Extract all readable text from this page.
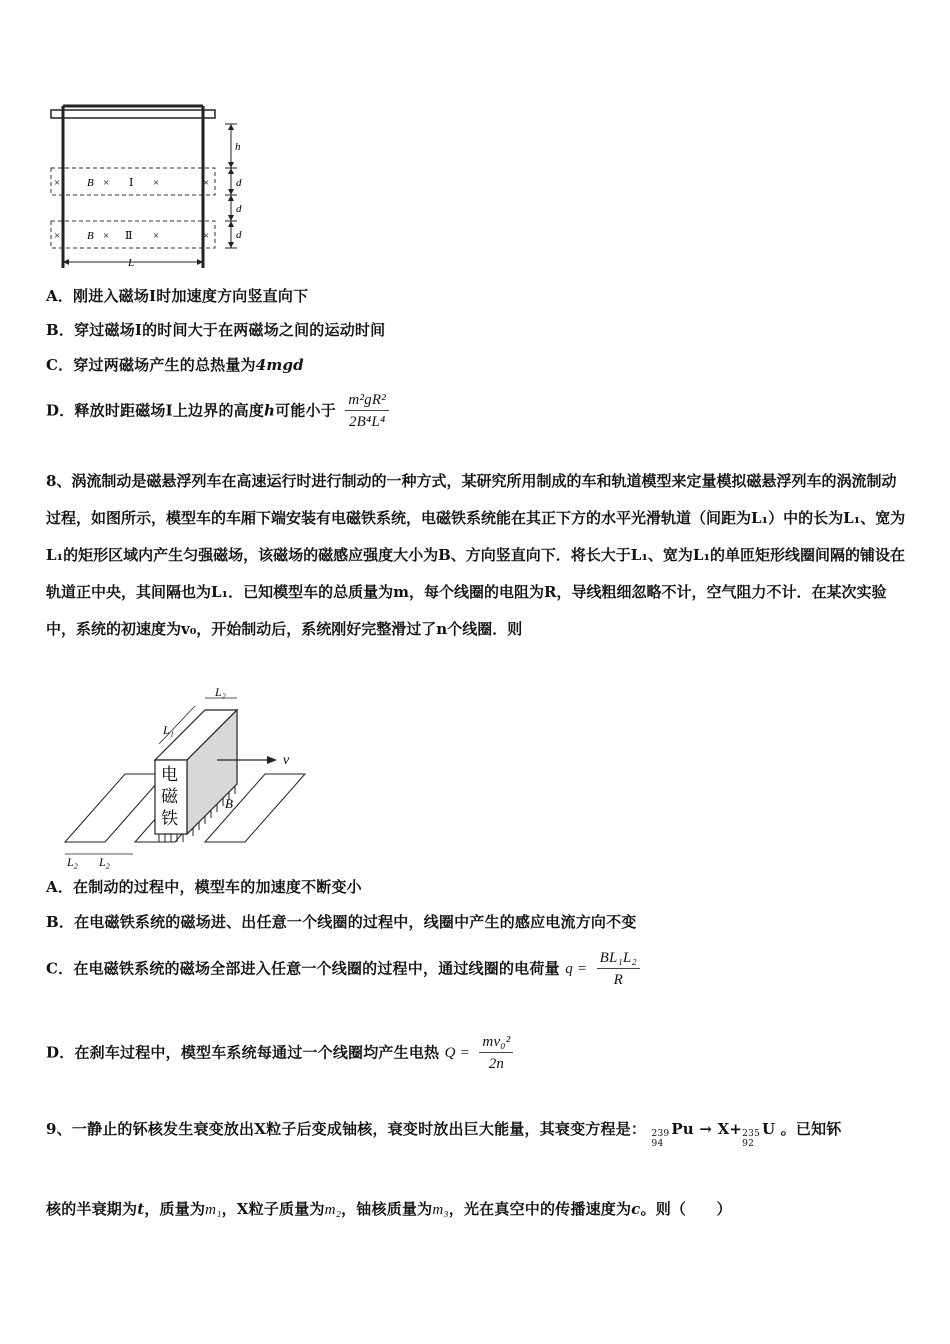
× B × Ⅰ ×	×
× B × Ⅱ ×	×
h
d
d
d
L
A．刚进入磁场Ⅰ时加速度方向竖直向下
B．穿过磁场Ⅰ的时间大于在两磁场之间的运动时间
C．穿过两磁场产生的总热量为4mgd
D．释放时距磁场Ⅰ上边界的高度h可能小于 $\frac{\text{m²gR²}}{\text{2B⁴L⁴}}$
8、涡流制动是磁悬浮列车在高速运行时进行制动的一种方式，某研究所用制成的车和轨道模型来定量模拟磁悬浮列车的涡流制动过程，如图所示，模型车的车厢下端安装有电磁铁系统，电磁铁系统能在其正下方的水平光滑轨道（间距为L₁）中的长为L₁、宽为L₁的矩形区域内产生匀强磁场，该磁场的磁感应强度大小为B、方向竖直向下．将长大于L₁、宽为L₁的单匝矩形线圈间隔的铺设在轨道正中央，其间隔也为L₁．已知模型车的总质量为m，每个线圈的电阻为R，导线粗细忽略不计，空气阻力不计．在某次实验中，系统的初速度为v₀，开始制动后，系统刚好完整滑过了n个线圈．则
电
磁
铁
B
v
L₁
L₂
L₂ L₂
A．在制动的过程中，模型车的加速度不断变小
B．在电磁铁系统的磁场进、出任意一个线圈的过程中，线圈中产生的感应电流方向不变
C．在电磁铁系统的磁场全部进入任意一个线圈的过程中，通过线圈的电荷量 $q = \frac{\text{BL₁L₂}}{R}$
D．在刹车过程中，模型车系统每通过一个线圈均产生电热 $Q = \frac{\text{mv₀²}}{2n}$
9、一静止的钚核发生衰变放出X粒子后变成铀核，衰变时放出巨大能量，其衰变方程是： 239
94
Pu → X+ 235
92
U 。已知钚
核的半衰期为t，质量为m₁，X粒子质量为m₂，铀核质量为m₃，光在真空中的传播速度为c。则（　　）
